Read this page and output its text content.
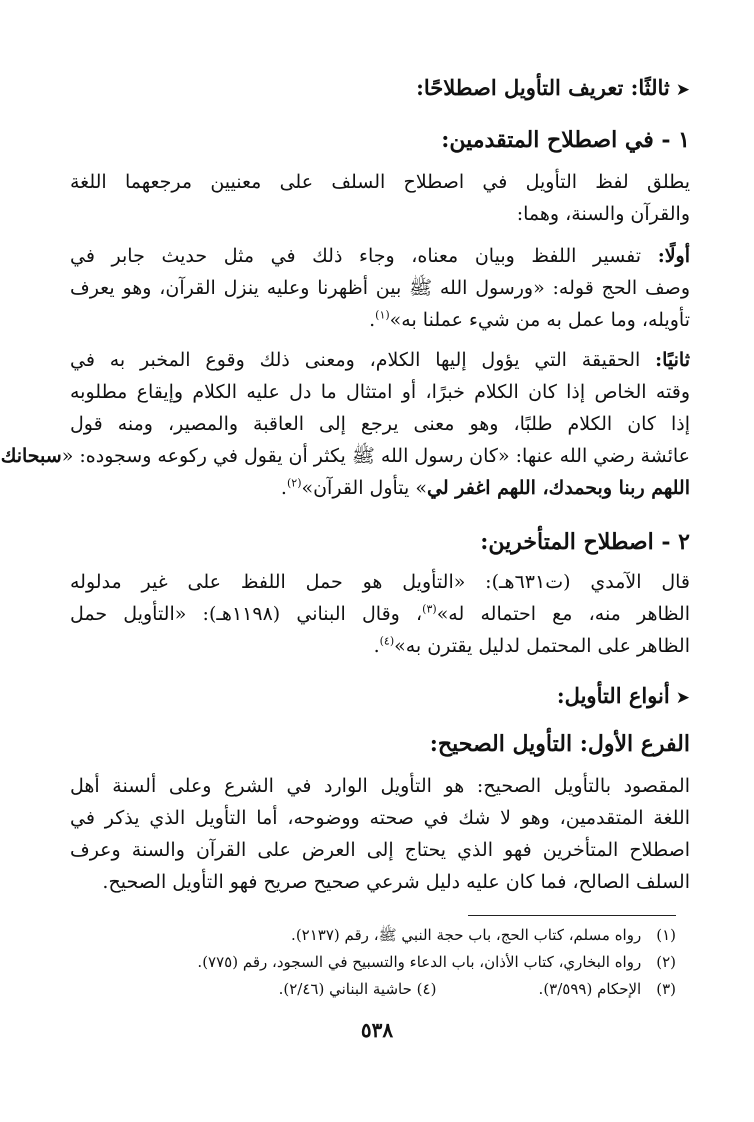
➤ثالثًا: تعريف التأويل اصطلاحًا:
١ - في اصطلاح المتقدمين:
يطلق لفظ التأويل في اصطلاح السلف على معنيين مرجعهما اللغة
والقرآن والسنة، وهما:
أولًا: تفسير اللفظ وبيان معناه، وجاء ذلك في مثل حديث جابر في
وصف الحج قوله: «ورسول الله ﷺ بين أظهرنا وعليه ينزل القرآن، وهو يعرف
تأويله، وما عمل به من شيء عملنا به»$^{(١)}$.
ثانيًا: الحقيقة التي يؤول إليها الكلام، ومعنى ذلك وقوع المخبر به في
وقته الخاص إذا كان الكلام خبرًا، أو امتثال ما دل عليه الكلام وإيقاع مطلوبه
إذا كان الكلام طلبًا، وهو معنى يرجع إلى العاقبة والمصير، ومنه قول
عائشة رضي الله عنها: «كان رسول الله ﷺ يكثر أن يقول في ركوعه وسجوده: «سبحانك
اللهم ربنا وبحمدك، اللهم اغفر لي» يتأول القرآن»$^{(٢)}$.
٢ - اصطلاح المتأخرين:
قال الآمدي (ت٦٣١هـ): «التأويل هو حمل اللفظ على غير مدلوله
الظاهر منه، مع احتماله له»$^{(٣)}$، وقال البناني (١١٩٨هـ): «التأويل حمل
الظاهر على المحتمل لدليل يقترن به»$^{(٤)}$.
➤أنواع التأويل:
الفرع الأول: التأويل الصحيح:
المقصود بالتأويل الصحيح: هو التأويل الوارد في الشرع وعلى ألسنة أهل
اللغة المتقدمين، وهو لا شك في صحته ووضوحه، أما التأويل الذي يذكر في
اصطلاح المتأخرين فهو الذي يحتاج إلى العرض على القرآن والسنة وعرف
السلف الصالح، فما كان عليه دليل شرعي صحيح صريح فهو التأويل الصحيح.
(١) رواه مسلم، كتاب الحج، باب حجة النبي ﷺ، رقم (٢١٣٧).
(٢) رواه البخاري، كتاب الأذان، باب الدعاء والتسبيح في السجود، رقم (٧٧٥).
(٣) الإحكام (٣/٥٩٩). (٤) حاشية البناني (٢/٤٦).
٥٣٨
